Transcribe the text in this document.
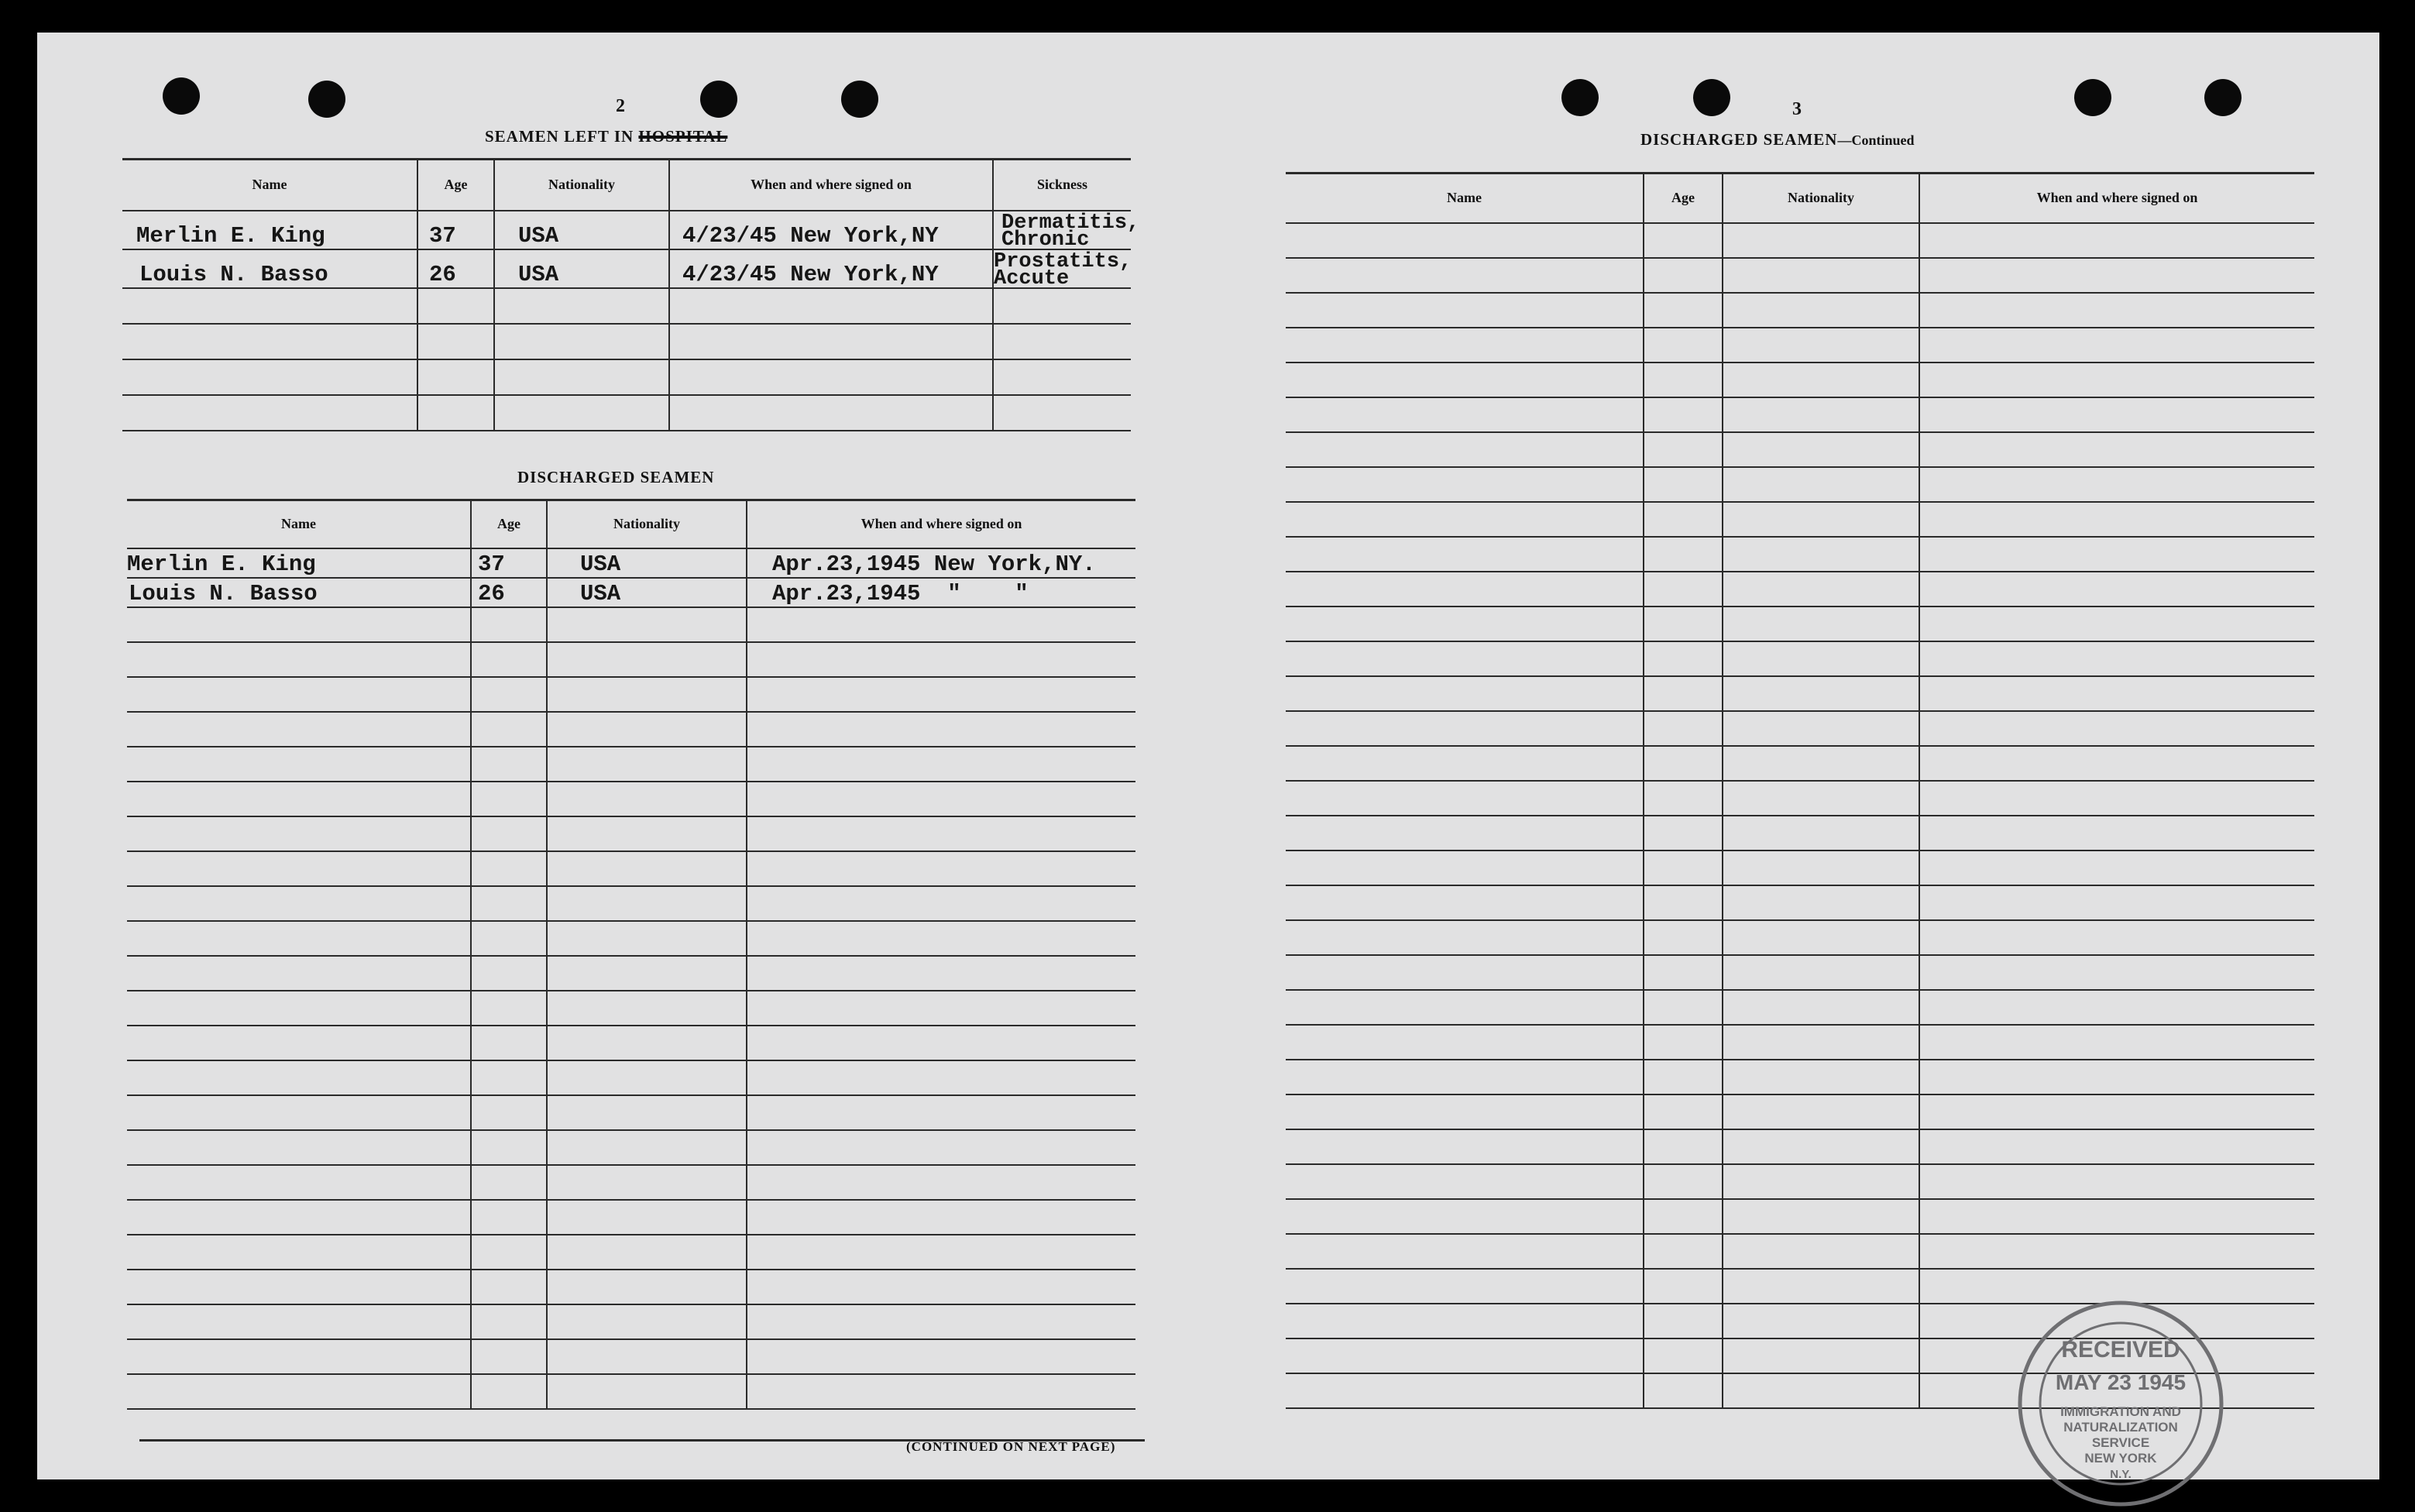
2
SEAMEN LEFT IN HOSPITAL
Name	Age	Nationality	When and where signed on	Sickness
Merlin E. King	37	USA	4/23/45 New York,NY	Dermatitis,
Chronic

Louis N. Basso	26	USA	4/23/45 New York,NY	Prostatits,
Accute

DISCHARGED SEAMEN
Name	Age	Nationality	When and where signed on
Merlin E. King	37	USA	Apr.23,1945 New York,NY.
Louis N. Basso	26	USA	Apr.23,1945  "    "

(CONTINUED ON NEXT PAGE)
3
DISCHARGED SEAMEN—Continued
Name	Age	Nationality	When and where signed on

RECEIVED
MAY 23 1945
IMMIGRATION AND
NATURALIZATION
SERVICE
NEW YORK
N.Y.
